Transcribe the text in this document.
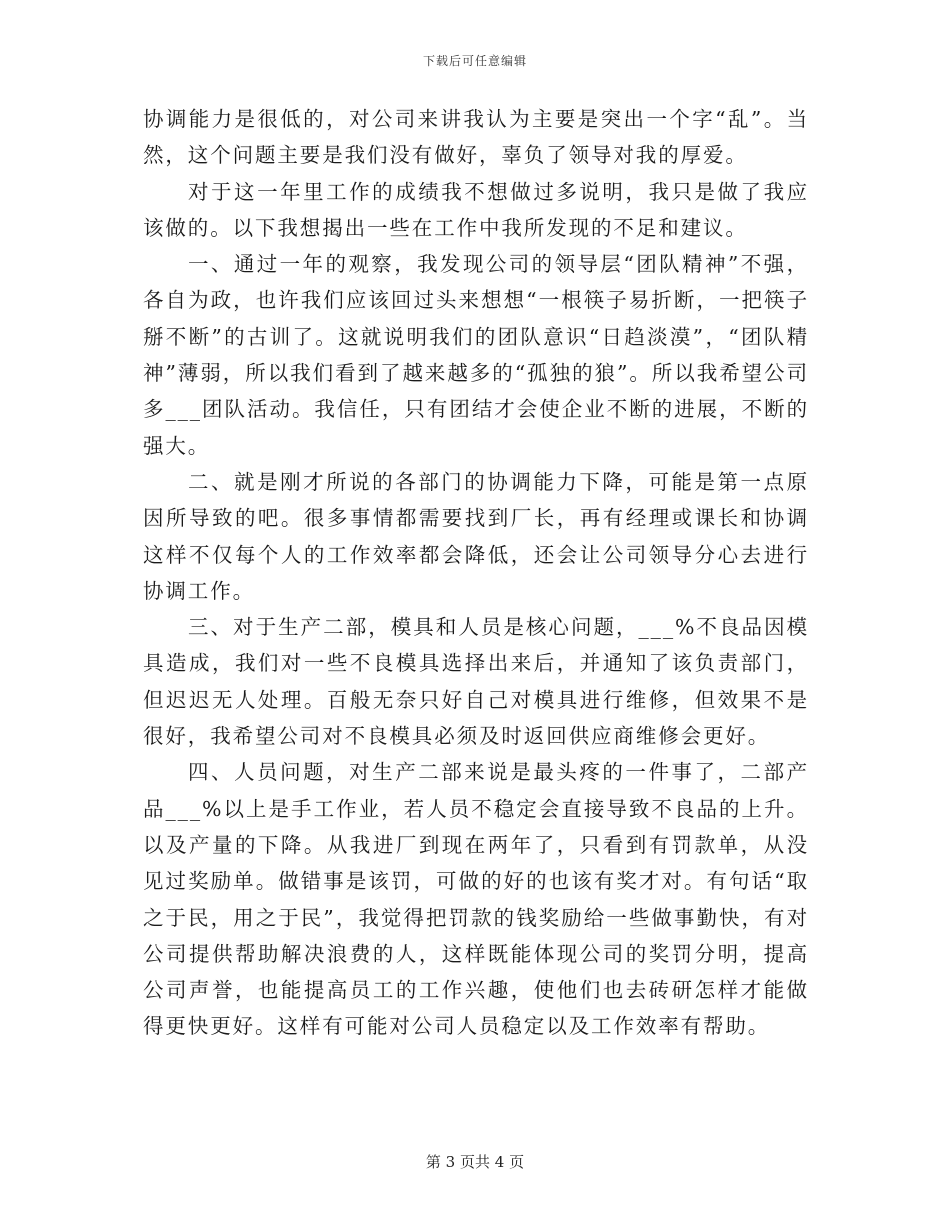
下载后可任意编辑

协调能力是很低的，对公司来讲我认为主要是突出一个字“乱”。当然，这个问题主要是我们没有做好，辜负了领导对我的厚爱。

对于这一年里工作的成绩我不想做过多说明，我只是做了我应该做的。以下我想揭出一些在工作中我所发现的不足和建议。

一、通过一年的观察，我发现公司的领导层“团队精神”不强，各自为政，也许我们应该回过头来想想“一根筷子易折断，一把筷子掰不断”的古训了。这就说明我们的团队意识“日趋淡漠”，“团队精神”薄弱，所以我们看到了越来越多的“孤独的狼”。所以我希望公司多___团队活动。我信任，只有团结才会使企业不断的进展，不断的强大。

二、就是刚才所说的各部门的协调能力下降，可能是第一点原因所导致的吧。很多事情都需要找到厂长，再有经理或课长和协调这样不仅每个人的工作效率都会降低，还会让公司领导分心去进行协调工作。

三、对于生产二部，模具和人员是核心问题，___%不良品因模具造成，我们对一些不良模具选择出来后，并通知了该负责部门，但迟迟无人处理。百般无奈只好自己对模具进行维修，但效果不是很好，我希望公司对不良模具必须及时返回供应商维修会更好。

四、人员问题，对生产二部来说是最头疼的一件事了，二部产品___%以上是手工作业，若人员不稳定会直接导致不良品的上升。以及产量的下降。从我进厂到现在两年了，只看到有罚款单，从没见过奖励单。做错事是该罚，可做的好的也该有奖才对。有句话“取之于民，用之于民”，我觉得把罚款的钱奖励给一些做事勤快，有对公司提供帮助解决浪费的人，这样既能体现公司的奖罚分明，提高公司声誉，也能提高员工的工作兴趣，使他们也去砖研怎样才能做得更快更好。这样有可能对公司人员稳定以及工作效率有帮助。

第 3 页共 4 页
